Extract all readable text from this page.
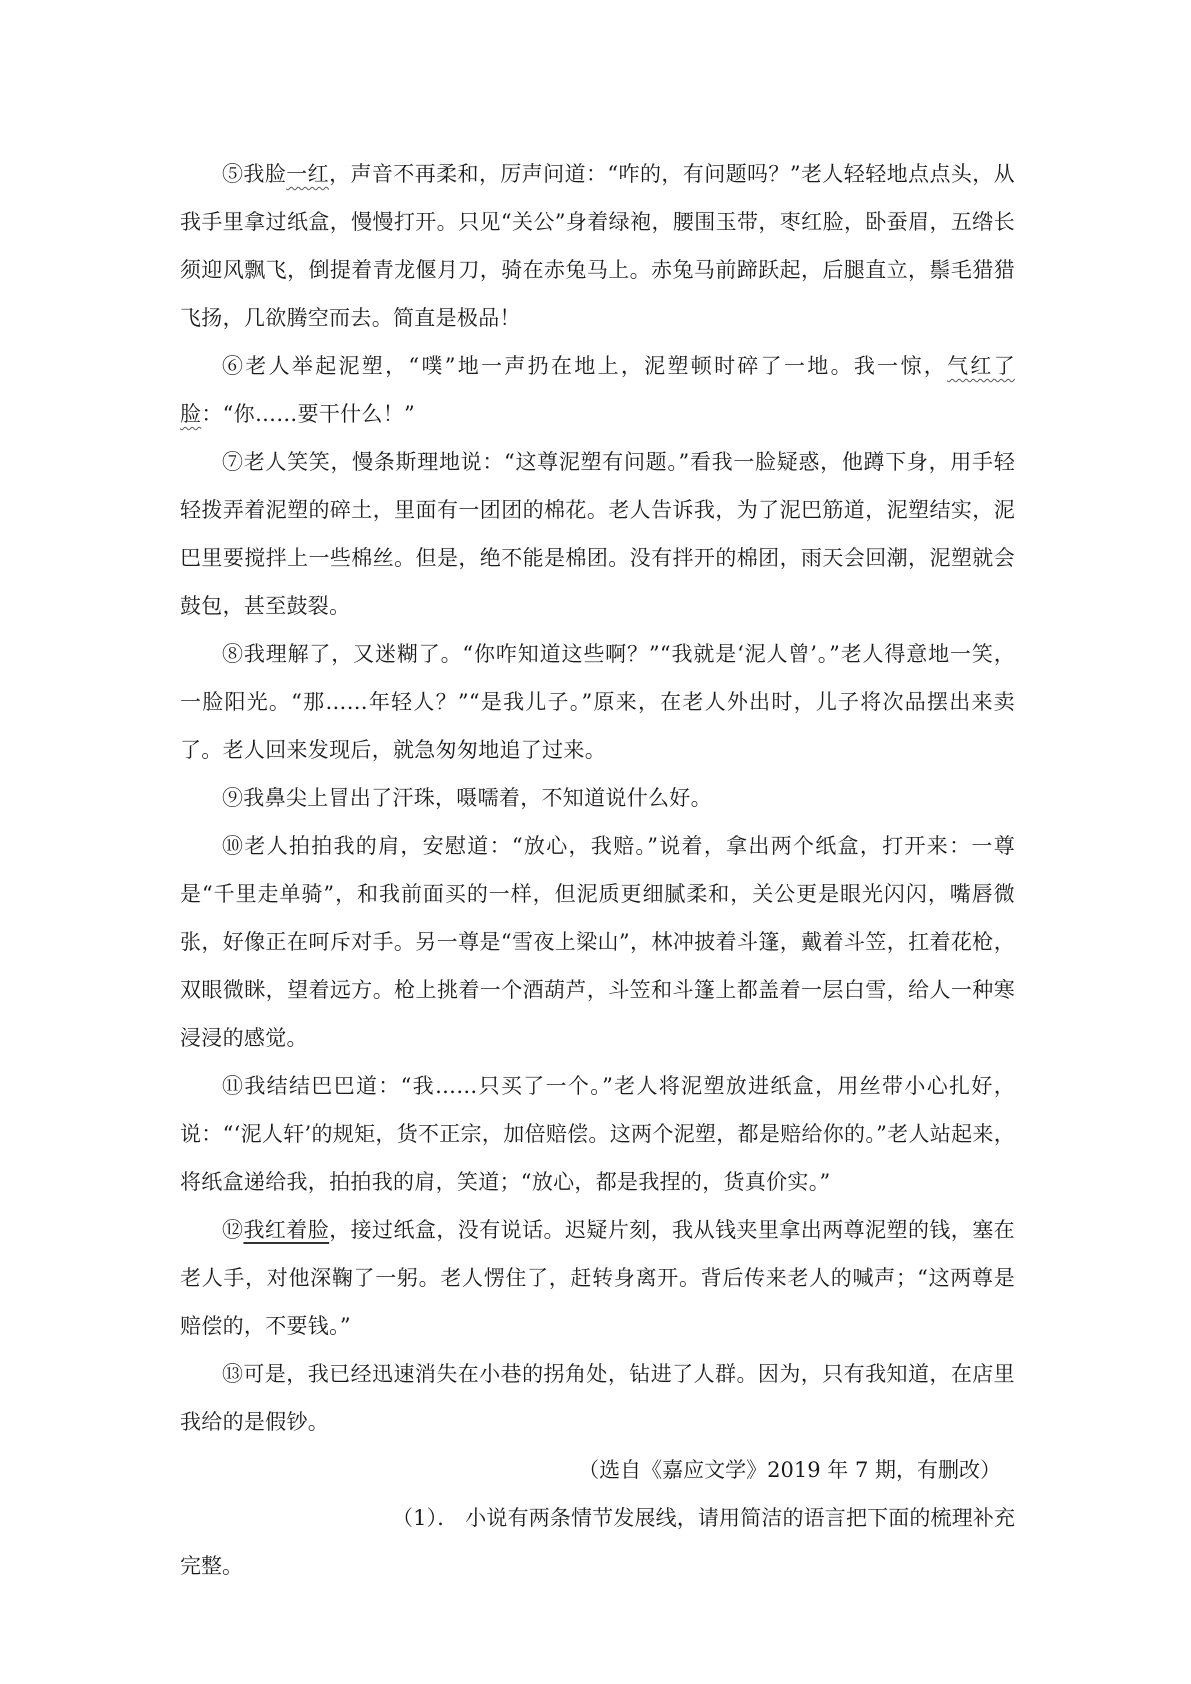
⑤我脸一红，声音不再柔和，厉声问道：“咋的，有问题吗？”老人轻轻地点点头，从我手里拿过纸盒，慢慢打开。只见“关公”身着绿袍，腰围玉带，枣红脸，卧蚕眉，五绺长须迎风飘飞，倒提着青龙偃月刀，骑在赤兔马上。赤兔马前蹄跃起，后腿直立，鬃毛猎猎飞扬，几欲腾空而去。简直是极品！

⑥老人举起泥塑，“噗”地一声扔在地上，泥塑顿时碎了一地。我一惊，气红了脸：“你……要干什么！”

⑦老人笑笑，慢条斯理地说：“这尊泥塑有问题。”看我一脸疑惑，他蹲下身，用手轻轻拨弄着泥塑的碎土，里面有一团团的棉花。老人告诉我，为了泥巴筋道，泥塑结实，泥巴里要搅拌上一些棉丝。但是，绝不能是棉团。没有拌开的棉团，雨天会回潮，泥塑就会鼓包，甚至鼓裂。

⑧我理解了，又迷糊了。“你咋知道这些啊？”“我就是‘泥人曾’。”老人得意地一笑，一脸阳光。“那……年轻人？”“是我儿子。”原来，在老人外出时，儿子将次品摆出来卖了。老人回来发现后，就急匆匆地追了过来。

⑨我鼻尖上冒出了汗珠，嗫嚅着，不知道说什么好。

⑩老人拍拍我的肩，安慰道：“放心，我赔。”说着，拿出两个纸盒，打开来：一尊是“千里走单骑”，和我前面买的一样，但泥质更细腻柔和，关公更是眼光闪闪，嘴唇微张，好像正在呵斥对手。另一尊是“雪夜上梁山”，林冲披着斗篷，戴着斗笠，扛着花枪，双眼微眯，望着远方。枪上挑着一个酒葫芦，斗笠和斗篷上都盖着一层白雪，给人一种寒浸浸的感觉。

⑪我结结巴巴道：“我……只买了一个。”老人将泥塑放进纸盒，用丝带小心扎好，说：“‘泥人轩’的规矩，货不正宗，加倍赔偿。这两个泥塑，都是赔给你的。”老人站起来，将纸盒递给我，拍拍我的肩，笑道；“放心，都是我捏的，货真价实。”

⑫我红着脸，接过纸盒，没有说话。迟疑片刻，我从钱夹里拿出两尊泥塑的钱，塞在老人手，对他深鞠了一躬。老人愣住了，赶转身离开。背后传来老人的喊声；“这两尊是赔偿的，不要钱。”

⑬可是，我已经迅速消失在小巷的拐角处，钻进了人群。因为，只有我知道，在店里我给的是假钞。

（选自《嘉应文学》2019 年 7 期，有删改）

（1）． 小说有两条情节发展线，请用简洁的语言把下面的梳理补充完整。
